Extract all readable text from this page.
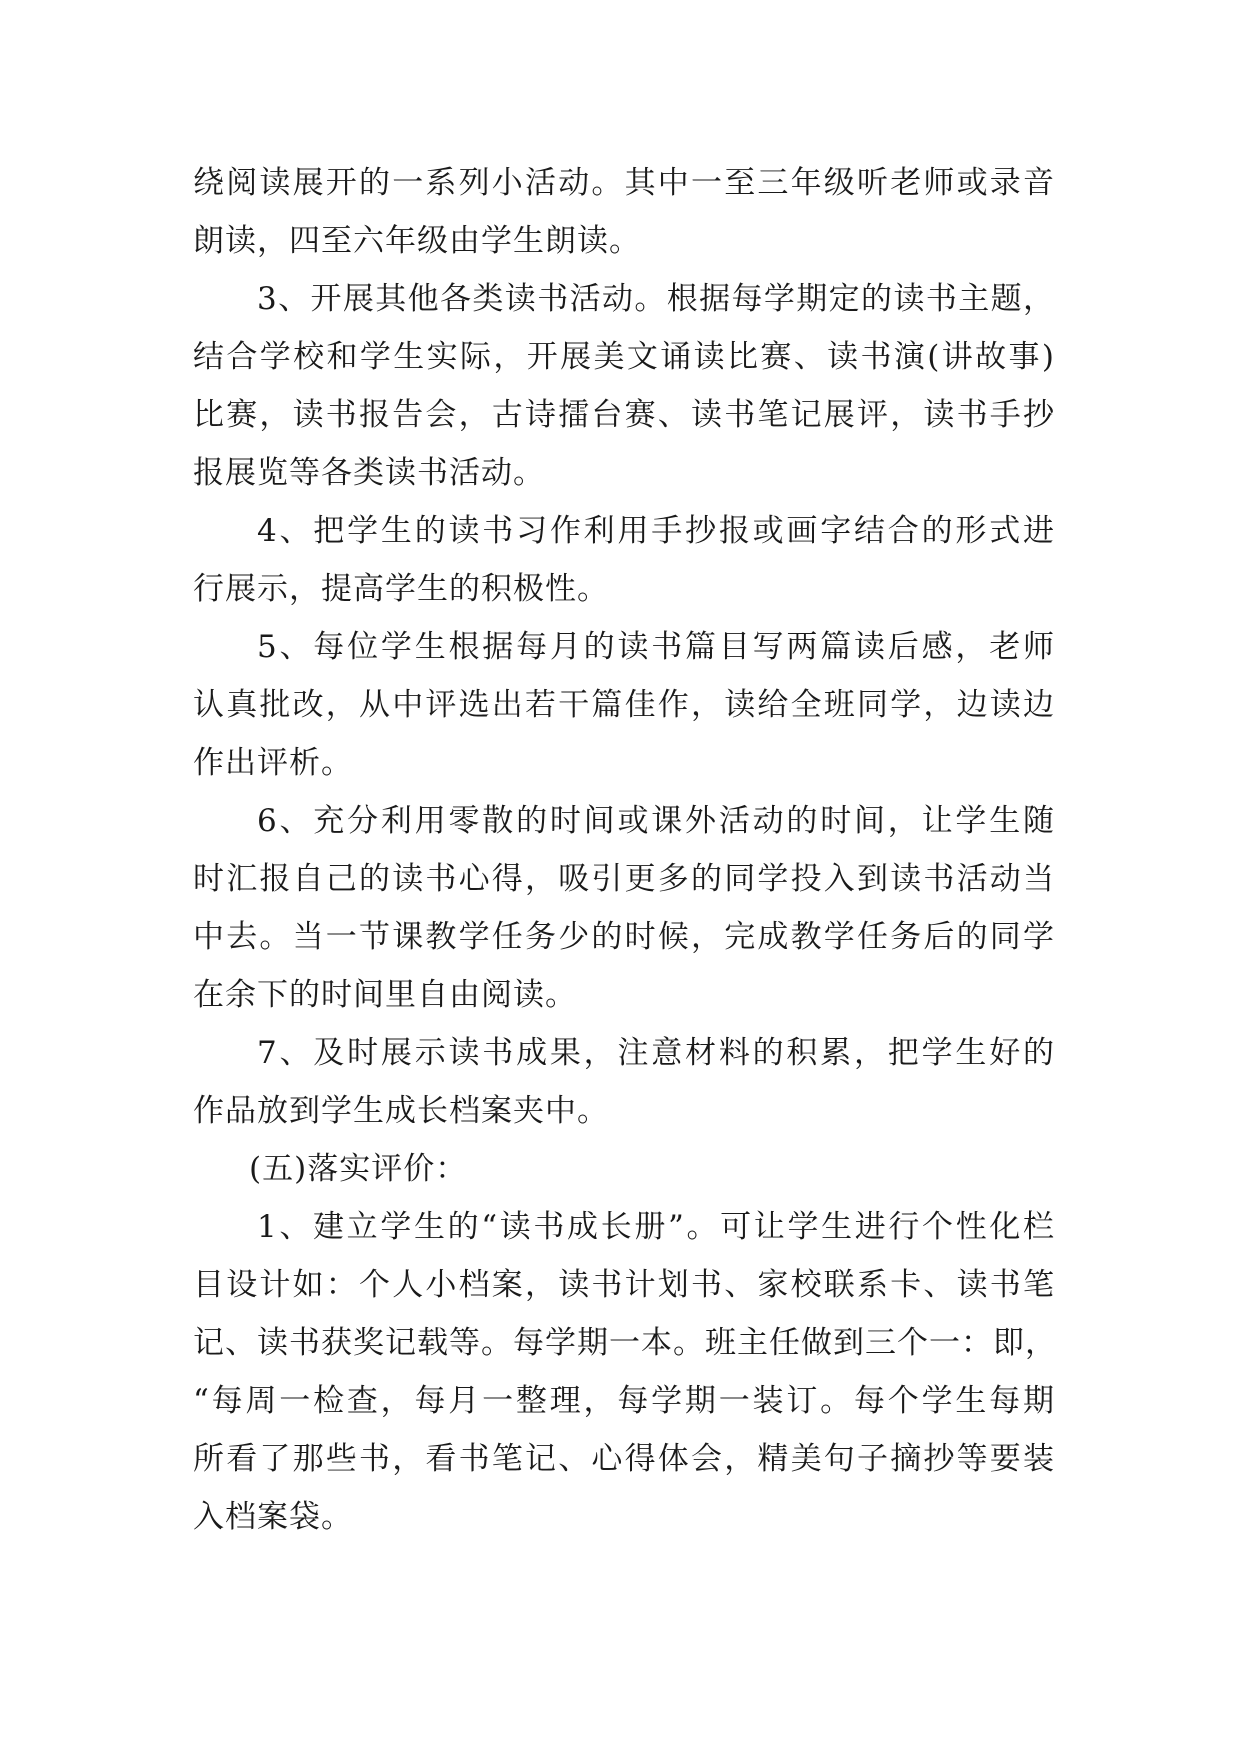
绕阅读展开的一系列小活动。其中一至三年级听老师或录音
朗读，四至六年级由学生朗读。
3、开展其他各类读书活动。根据每学期定的读书主题，
结合学校和学生实际，开展美文诵读比赛、读书演(讲故事)
比赛，读书报告会，古诗擂台赛、读书笔记展评，读书手抄
报展览等各类读书活动。
4、把学生的读书习作利用手抄报或画字结合的形式进
行展示，提高学生的积极性。
5、每位学生根据每月的读书篇目写两篇读后感，老师
认真批改，从中评选出若干篇佳作，读给全班同学，边读边
作出评析。
6、充分利用零散的时间或课外活动的时间，让学生随
时汇报自己的读书心得，吸引更多的同学投入到读书活动当
中去。当一节课教学任务少的时候，完成教学任务后的同学
在余下的时间里自由阅读。
7、及时展示读书成果，注意材料的积累，把学生好的
作品放到学生成长档案夹中。
(五)落实评价：
1、建立学生的“读书成长册”。可让学生进行个性化栏
目设计如：个人小档案，读书计划书、家校联系卡、读书笔
记、读书获奖记载等。每学期一本。班主任做到三个一：即，
“每周一检查，每月一整理，每学期一装订。每个学生每期
所看了那些书，看书笔记、心得体会，精美句子摘抄等要装
入档案袋。
